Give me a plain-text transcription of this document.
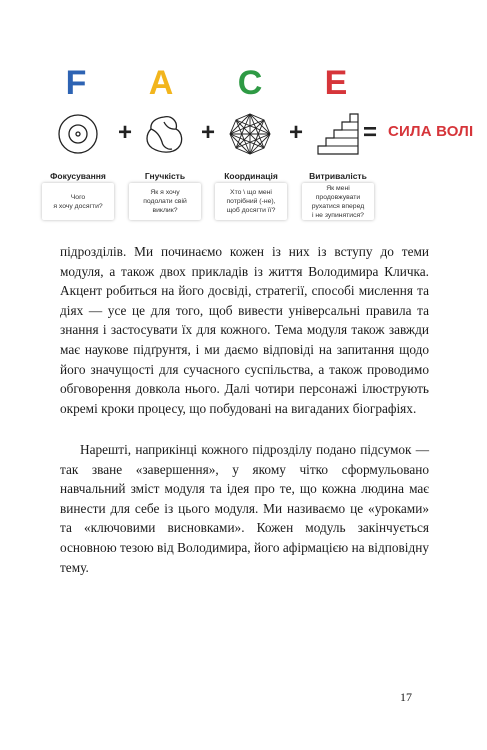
F A C E
+	+	+ = СИЛА ВОЛІ
Фокусування	Гнучкість	Координація	Витривалість
Чого
я хочу досягти?
Як я хочу
подолати свій
виклик?
Хто \ що мені
потрібний (-не),
щоб досягти її?
Як мені
продовжувати
рухатися вперед
і не зупинятися?

підрозділів. Ми починаємо кожен із них із вступу до теми модуля, а також двох прикладів із життя Володимира Кличка. Акцент робиться на його досвіді, стратегії, способі мислення та діях — усе це для того, щоб вивести універсальні правила та знання і застосувати їх для кожного. Тема модуля також завжди має наукове підґрунтя, і ми даємо відповіді на запитання щодо його значущості для сучасного суспільства, а також проводимо обговорення довкола нього. Далі чотири персонажі ілюструють окремі кроки процесу, що побудовані на вигаданих біографіях.

Нарешті, наприкінці кожного підрозділу подано підсумок — так зване «завершення», у якому чітко сформульовано навчальний зміст модуля та ідея про те, що кожна людина має винести для себе із цього модуля. Ми називаємо це «уроками» та «ключовими висновками». Кожен модуль закінчується основною тезою від Володимира, його афірмацією на відповідну тему.

17
